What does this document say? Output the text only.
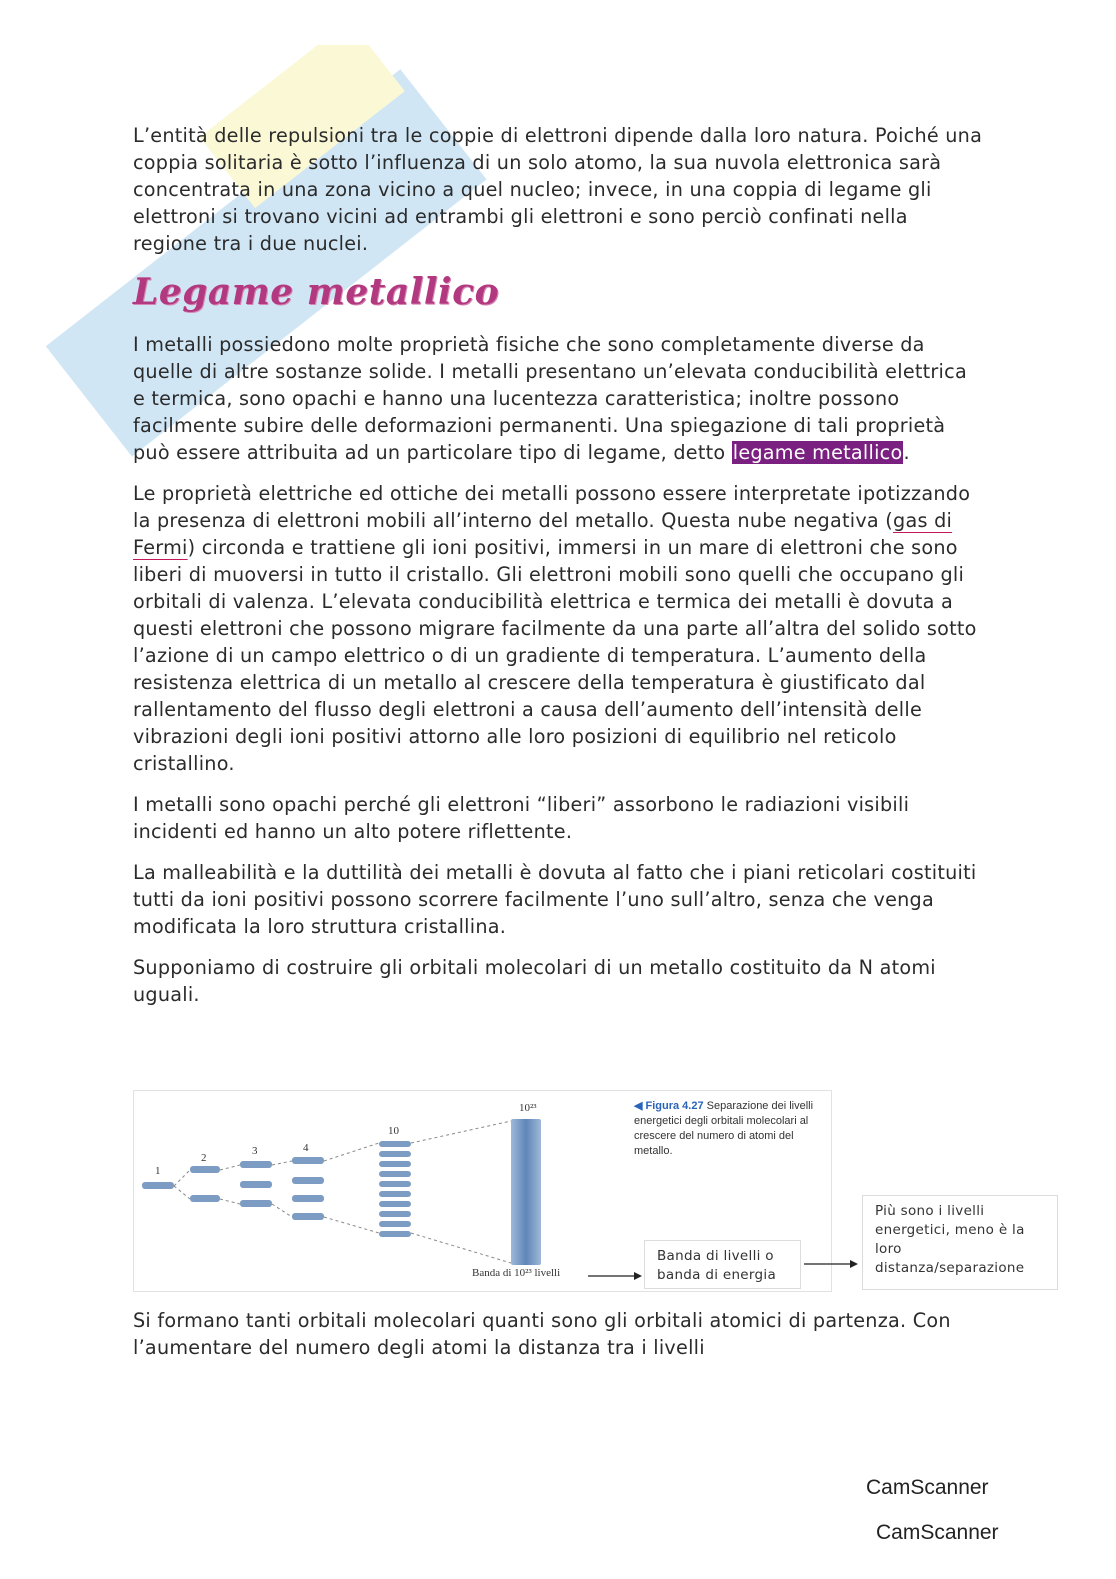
L’entità delle repulsioni tra le coppie di elettroni dipende dalla loro natura. Poiché una coppia solitaria è sotto l’influenza di un solo atomo, la sua nuvola elettronica sarà concentrata in una zona vicino a quel nucleo; invece, in una coppia di legame gli elettroni si trovano vicini ad entrambi gli elettroni e sono perciò confinati nella regione tra i due nuclei.

Legame metallico

I metalli possiedono molte proprietà fisiche che sono completamente diverse da quelle di altre sostanze solide. I metalli presentano un’elevata conducibilità elettrica e termica, sono opachi e hanno una lucentezza caratteristica; inoltre possono facilmente subire delle deformazioni permanenti. Una spiegazione di tali proprietà può essere attribuita ad un particolare tipo di legame, detto legame metallico.

Le proprietà elettriche ed ottiche dei metalli possono essere interpretate ipotizzando la presenza di elettroni mobili all’interno del metallo. Questa nube negativa (gas di Fermi) circonda e trattiene gli ioni positivi, immersi in un mare di elettroni che sono liberi di muoversi in tutto il cristallo. Gli elettroni mobili sono quelli che occupano gli orbitali di valenza. L’elevata conducibilità elettrica e termica dei metalli è dovuta a questi elettroni che possono migrare facilmente da una parte all’altra del solido sotto l’azione di un campo elettrico o di un gradiente di temperatura. L’aumento della resistenza elettrica di un metallo al crescere della temperatura è giustificato dal rallentamento del flusso degli elettroni a causa dell’aumento dell’intensità delle vibrazioni degli ioni positivi attorno alle loro posizioni di equilibrio nel reticolo cristallino.

I metalli sono opachi perché gli elettroni “liberi” assorbono le radiazioni visibili incidenti ed hanno un alto potere riflettente.

La malleabilità e la duttilità dei metalli è dovuta al fatto che i piani reticolari costituiti tutti da ioni positivi possono scorrere facilmente l’uno sull’altro, senza che venga modificata la loro struttura cristallina.

Supponiamo di costruire gli orbitali molecolari di un metallo costituito da N atomi uguali.

1
2
3	4
10
10²³
Banda di 10²³ livelli
◀ Figura 4.27 Separazione dei livelli energetici degli orbitali molecolari al crescere del numero di atomi del metallo.
Banda di livelli o banda di energia
Più sono i livelli energetici, meno è la loro distanza/separazione

Si formano tanti orbitali molecolari quanti sono gli orbitali atomici di partenza. Con l’aumentare del numero degli atomi la distanza tra i livelli

CamScanner
CamScanner
